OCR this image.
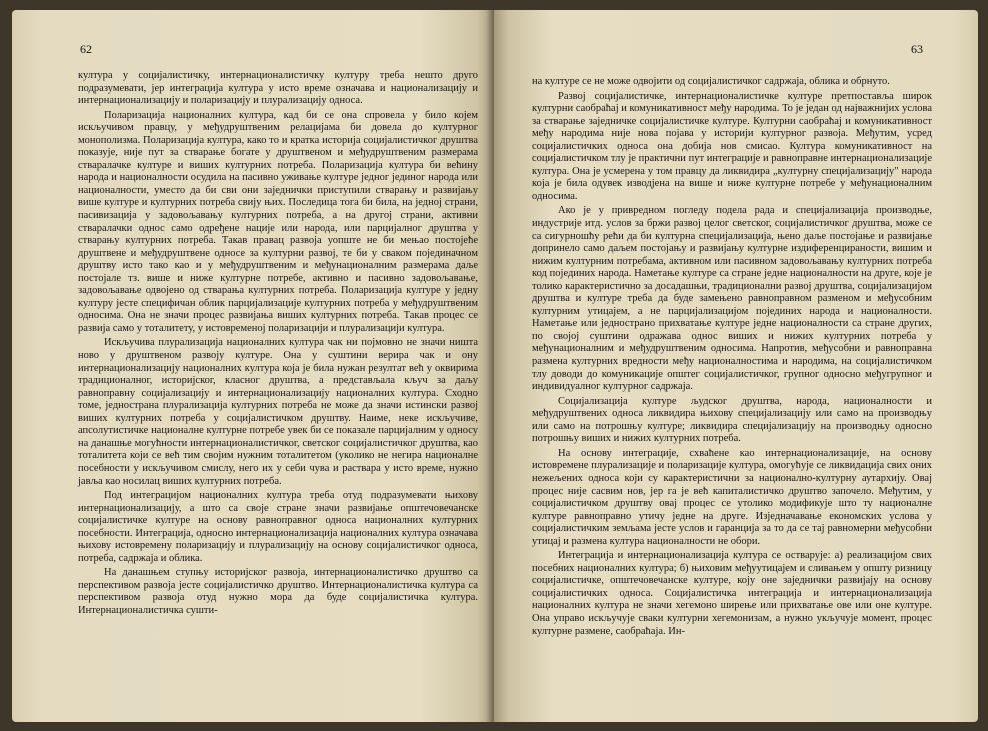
62

култура у социјалистичку, интернационалистичку културу треба нешто друго подразумевати, јер интеграција култура у исто време означава и национализацију и интернационализацију и поларизацију и плурализацију односа.

Поларизација националних култура, кад би се она спровела у било којем искључивом правцу, у међудруштвеним релацијама би довела до културног монополизма. Поларизација култура, како то и кратка историја социјалистичког друштва показује, није пут за стварање богате у друштвеном и међудруштвеним размерама стваралачке културе и виших културних потреба. Поларизација култура би већину народа и националности осудила на пасивно уживање културе једног јединог народа или националности, уместо да би сви они заједнички приступили стварању и развијању више културе и културних потреба свију њих. Последица тога би била, на једној страни, пасивизација у задовољавању културних потреба, а на другој страни, активни стваралачки однос само одређене нације или народа, или парцијалног друштва у стварању културних потреба. Такав правац развоја уопште не би мењао постојеће друштвене и међудруштвене односе за културни развој, те би у сваком појединачном друштву исто тако као и у међудруштвеним и међунационалним размерама даље постојале тз. више и ниже културне потребе, активно и пасивно задовољавање, задовољавање одвојено од стварања културних потреба. Поларизација културе у једну културу јесте специфичан облик парцијализације културних потреба у међудруштвеним односима. Она не значи процес развијања виших културних потреба. Такав процес се развија само у тоталитету, у истовременој поларизацији и плурализацији култура.

Искључива плурализација националних култура чак ни појмовно не значи ништа ново у друштвеном развоју културе. Она у суштини верира чак и ону интернационализацију националних култура која је била нужан резултат већ у оквирима традиционалног, историјског, класног друштва, а представљала кључ за даљу равноправну социјализацију и интернационализацију националних култура. Сходно томе, једнострана плурализација културних потреба не може да значи истински развој виших културних потреба у социјалистичком друштву. Наиме, неке искључиве, апсолутистичке националне културне потребе увек би се показале парцијалним у односу на данашње могућности интернационалистичког, светског социјалистичког друштва, као тоталитета који се већ тим својим нужним тоталитетом (уколико не негира националне посебности у искључивом смислу, него их у себи чува и раствара у исто време, нужно јавља као носилац виших културних потреба.

Под интеграцијом националних култура треба отуд подразумевати њихову интернационализацију, а што са своје стране значи развијање општечовечанске социјалистичке културе на основу равноправног односа националних културних посебности. Интеграција, односно интернационализација националних култура означава њихову истовремену поларизацију и плурализацију на основу социјалистичког односа, потреба, садржаја и облика.

На данашњем ступњу историјског развоја, интернационалистичко друштво са перспективом развоја јесте социјалистичко друштво. Интернационалистичка култура са перспективом развоја отуд нужно мора да буде социјалистичка култура. Интернационалистичка сушти-

63

на културе се не може одвојити од социјалистичког садржаја, облика и обрнуто.

Развој социјалистичке, интернационалистичке културе претпоставља широк културни саобраћај и комуникативност међу народима. То је један од најважнијих услова за стварање заједничке социјалистичке културе. Културни саобраћај и комуникативност међу народима није нова појава у историји културног развоја. Међутим, усред социјалистичких односа она добија нов смисао. Култура комуникативност на социјалистичком тлу је практични пут интеграције и равноправне интернационализације култура. Она је усмерена у том правцу да ликвидира „културну специјализацију" народа која је била одувек изводјена на више и ниже културне потребе у међунационалним односима.

Ако је у привредном погледу подела рада и специјализација производње, индустрије итд. услов за бржи развој целог светског, социјалистичког друштва, може се са сигурношћу рећи да би културна специјализација, њено даље постојање и развијање допринело само даљем постојању и развијању културне издиференцираности, вишим и нижим културним потребама, активном или пасивном задовољавању културних потреба код појединих народа. Наметање културе са стране једне националности на друге, које је толико карактеристично за досадашњи, традиционални развој друштва, социјализацијом друштва и културе треба да буде замењено равноправном разменом и међусобним културним утицајем, а не парцијализацијом појединих народа и националности. Наметање или једнострано прихватање културе једне националности са стране других, по својој суштини одражава однос виших и нижих културних потреба у међунационалним и међудруштвеним односима. Напротив, међусобни и равноправна размена културних вредности међу националностима и народима, на социјалистичком тлу доводи до комуникације општег социјалистичког, групног односно међугрупног и индивидуалног културног садржаја.

Социјализација културе људског друштва, народа, националности и међудруштвених односа ликвидира њихову специјализацију или само на производњу или само на потрошњу културе; ликвидира специјализацију на производњу односно потрошњу виших и нижих културних потреба.

На основу интеграције, схваћене као интернационализације, на основу истовремене плурализације и поларизације култура, омогућује се ликвидација свих оних нежељених односа који су карактеристични за национално-културну аутархију. Овај процес није сасвим нов, јер га је већ капиталистичко друштво започело. Међутим, у социјалистичком друштву овај процес се утолико модификује што ту националне културе равноправно утичу једне на друге. Изједначавање економских услова у социјалистичким земљама јесте услов и гаранција за то да се тај равномерни међусобни утицај и размена култура националности не обори.

Интеграција и интернационализација култура се остварује: а) реализацијом свих посебних националних култура; б) њиховим међуутицајем и сливањем у општу ризницу социјалистичке, општечовечанске културе, коју оне заједнички развијају на основу социјалистичких односа. Социјалистичка интеграција и интернационализација националних култура не значи хегемоно ширење или прихватање ове или оне културе. Она управо искључује сваки културни хегемонизам, а нужно укључује момент, процес културне размене, саобраћаја. Ин-
